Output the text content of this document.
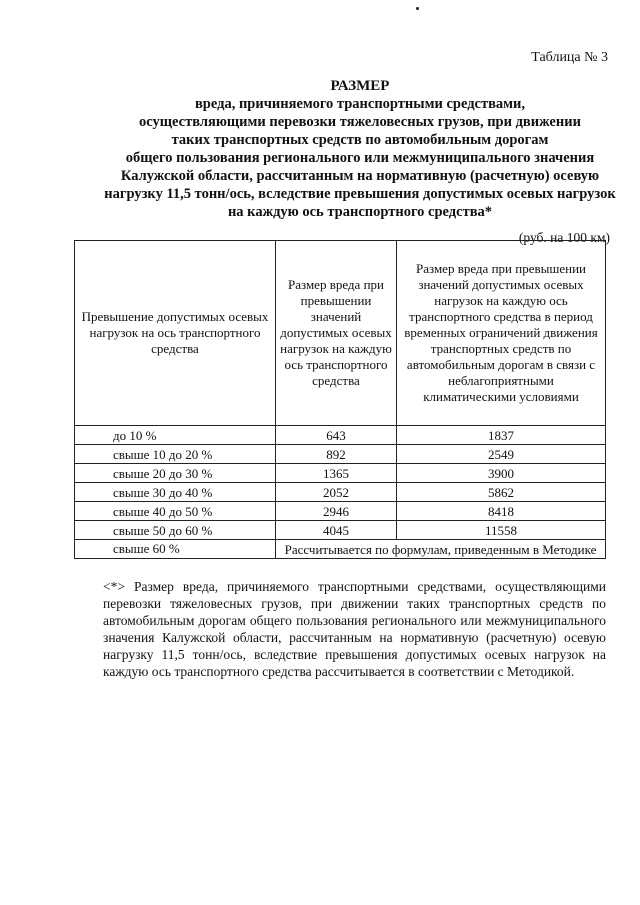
Таблица № 3
РАЗМЕР
вреда, причиняемого транспортными средствами,
осуществляющими перевозки тяжеловесных грузов, при движении
таких транспортных средств по автомобильным дорогам
общего пользования регионального или межмуниципального значения
Калужской области, рассчитанным на нормативную (расчетную) осевую
нагрузку 11,5 тонн/ось, вследствие превышения допустимых осевых нагрузок
на каждую ось транспортного средства*
(руб. на 100 км)
Превышение допустимых осевых нагрузок на ось транспортного средства	Размер вреда при превышении значений допустимых осевых нагрузок на каждую ось транспортного средства	Размер вреда при превышении значений допустимых осевых нагрузок на каждую ось транспортного средства в период временных ограничений движения транспортных средств по автомобильным дорогам в связи с неблагоприятными климатическими условиями
до 10 %	643	1837
свыше 10 до 20 %	892	2549
свыше 20 до 30 %	1365	3900
свыше 30 до 40 %	2052	5862
свыше 40 до 50 %	2946	8418
свыше 50 до 60 %	4045	11558
свыше 60 %	Рассчитывается по формулам, приведенным в Методике	
<*> Размер вреда, причиняемого транспортными средствами, осуществляющими перевозки тяжеловесных грузов, при движении таких транспортных средств по автомобильным дорогам общего пользования регионального или межмуниципального значения Калужской области, рассчитанным на нормативную (расчетную) осевую нагрузку 11,5 тонн/ось, вследствие превышения допустимых осевых нагрузок на каждую ось транспортного средства рассчитывается в соответствии с Методикой.
